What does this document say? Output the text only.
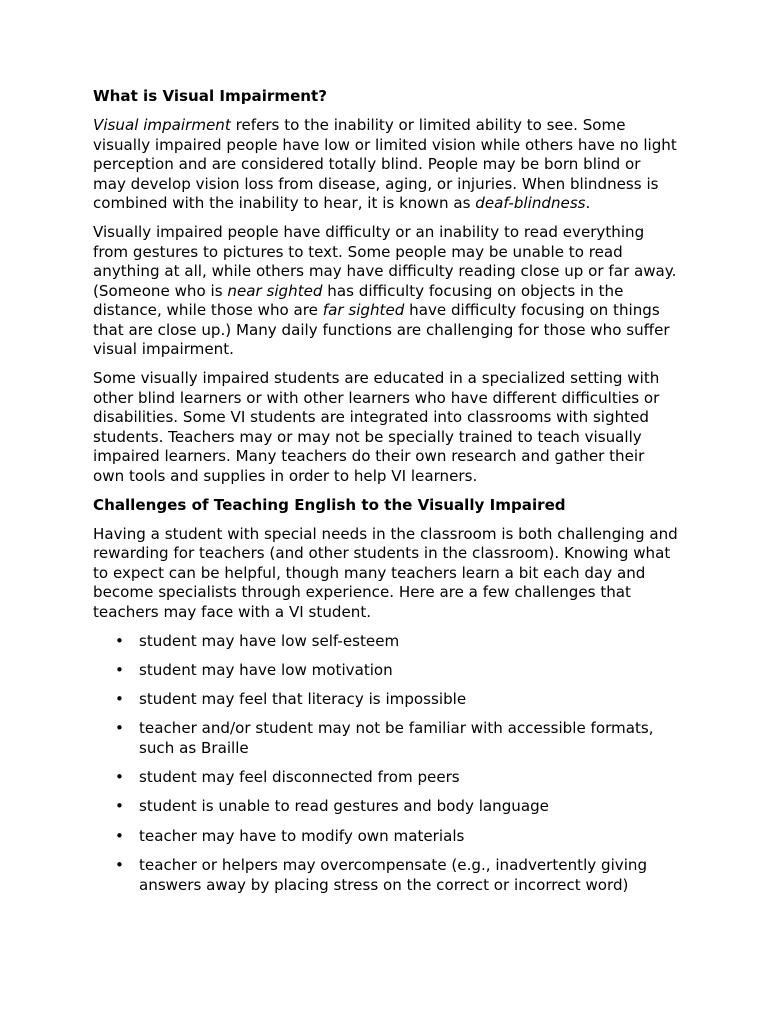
What is Visual Impairment?

Visual impairment refers to the inability or limited ability to see. Some visually impaired people have low or limited vision while others have no light perception and are considered totally blind. People may be born blind or may develop vision loss from disease, aging, or injuries. When blindness is combined with the inability to hear, it is known as deaf-blindness.

Visually impaired people have difficulty or an inability to read everything from gestures to pictures to text. Some people may be unable to read anything at all, while others may have difficulty reading close up or far away. (Someone who is near sighted has difficulty focusing on objects in the distance, while those who are far sighted have difficulty focusing on things that are close up.) Many daily functions are challenging for those who suffer visual impairment.

Some visually impaired students are educated in a specialized setting with other blind learners or with other learners who have different difficulties or disabilities. Some VI students are integrated into classrooms with sighted students. Teachers may or may not be specially trained to teach visually impaired learners. Many teachers do their own research and gather their own tools and supplies in order to help VI learners.

Challenges of Teaching English to the Visually Impaired

Having a student with special needs in the classroom is both challenging and rewarding for teachers (and other students in the classroom). Knowing what to expect can be helpful, though many teachers learn a bit each day and become specialists through experience. Here are a few challenges that teachers may face with a VI student.

• student may have low self-esteem
• student may have low motivation
• student may feel that literacy is impossible
• teacher and/or student may not be familiar with accessible formats, such as Braille
• student may feel disconnected from peers
• student is unable to read gestures and body language
• teacher may have to modify own materials
• teacher or helpers may overcompensate (e.g., inadvertently giving answers away by placing stress on the correct or incorrect word)
